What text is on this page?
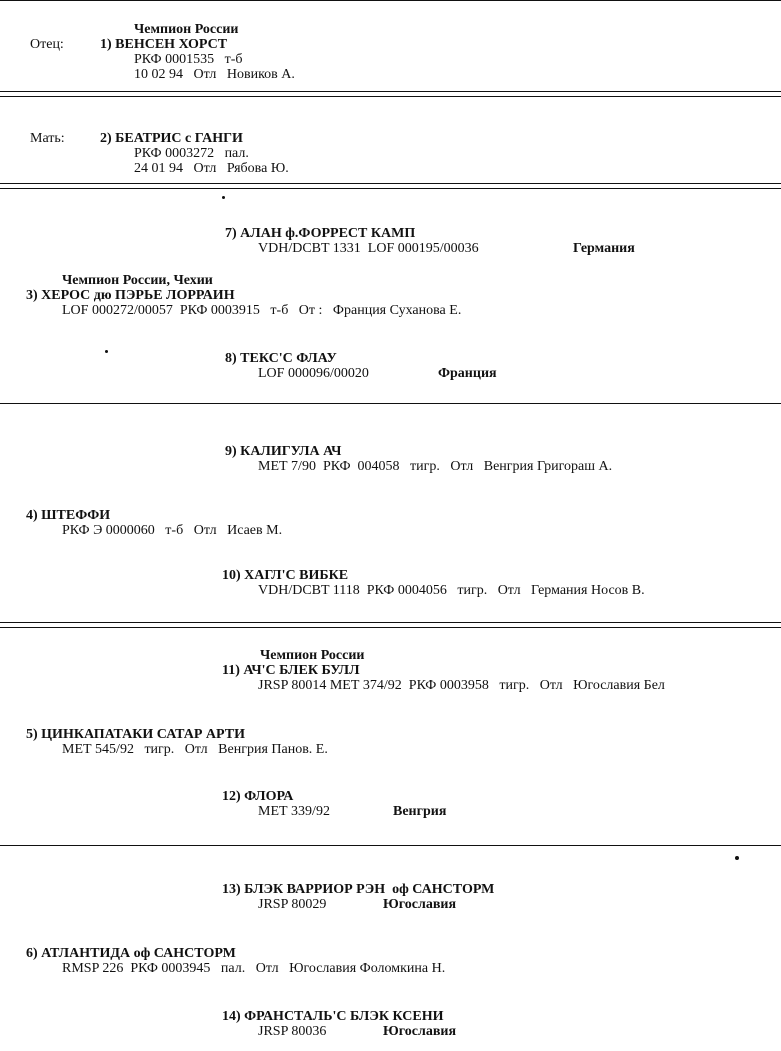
Чемпион России
Отец:	1) ВЕНСЕН ХОРСТ
РКФ 0001535   т-б
10 02 94   Отл   Новиков А.
Мать:	2) БЕАТРИС с ГАНГИ
РКФ 0003272   пал.
24 01 94   Отл   Рябова Ю.
7) АЛАН ф.ФОРРЕСТ КАМП
VDH/DCBT 1331  LOF 000195/00036	Германия
Чемпион России, Чехии
3) ХЕРОС дю ПЭРЬЕ ЛОРРАИН
LOF 000272/00057  РКФ 0003915   т-б   От :   Франция Суханова Е.
8) ТЕКС'С ФЛАУ
LOF 000096/00020	Франция
9) КАЛИГУЛА АЧ
МЕТ 7/90  РКФ  004058   тигр.   Отл   Венгрия Григораш А.
4) ШТЕФФИ
РКФ Э 0000060   т-б   Отл   Исаев М.
10) ХАГЛ'С ВИБКЕ
VDH/DCBT 1118  РКФ 0004056   тигр.   Отл   Германия Носов В.
Чемпион России
11) АЧ'С БЛЕК БУЛЛ
JRSP 80014 МЕТ 374/92  РКФ 0003958   тигр.   Отл   Югославия Бел
5) ЦИНКАПАТАКИ САТАР АРТИ
МЕТ 545/92   тигр.   Отл   Венгрия Панов. Е.
12) ФЛОРА
МЕТ 339/92	Венгрия
13) БЛЭК ВАРРИОР РЭН  оф САНСТОРМ
JRSP 80029	Югославия
6) АТЛАНТИДА оф САНСТОРМ
RMSP 226  РКФ 0003945   пал.   Отл   Югославия Фоломкина Н.
14) ФРАНСТАЛЬ'С БЛЭК КСЕНИ
JRSP 80036	Югославия
